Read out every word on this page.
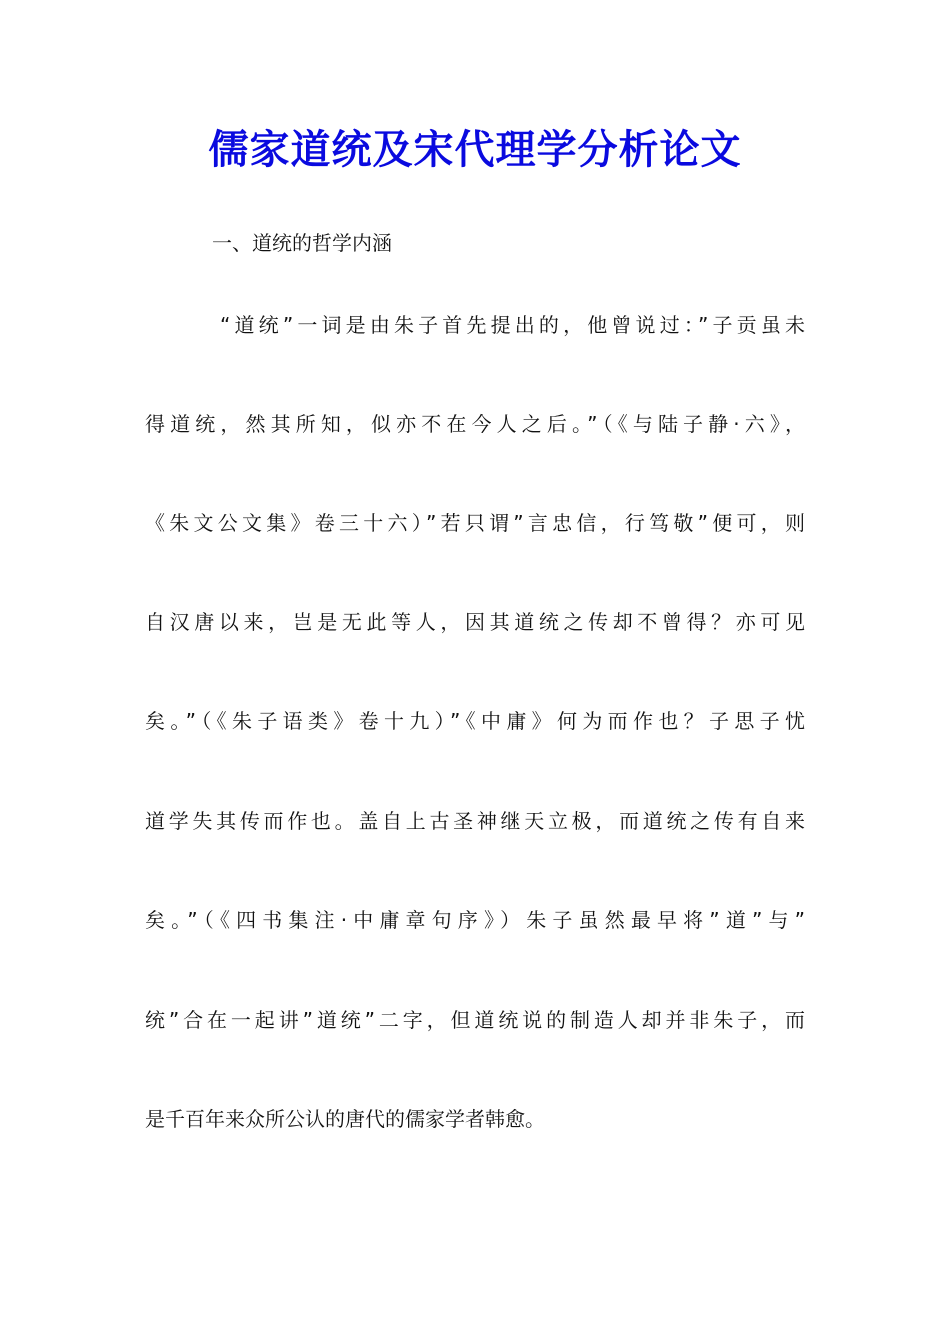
儒家道统及宋代理学分析论文

一、道统的哲学内涵

“道统”一词是由朱子首先提出的，他曾说过：”子贡虽未

得道统，然其所知，似亦不在今人之后。”（《与陆子静·六》，

《朱文公文集》卷三十六）”若只谓”言忠信，行笃敬”便可，则

自汉唐以来，岂是无此等人，因其道统之传却不曾得？亦可见

矣。”（《朱子语类》卷十九）”《中庸》何为而作也？子思子忧

道学失其传而作也。盖自上古圣神继天立极，而道统之传有自来

矣。”（《四书集注·中庸章句序》）朱子虽然最早将”道”与”

统”合在一起讲”道统”二字，但道统说的制造人却并非朱子，而

是千百年来众所公认的唐代的儒家学者韩愈。
